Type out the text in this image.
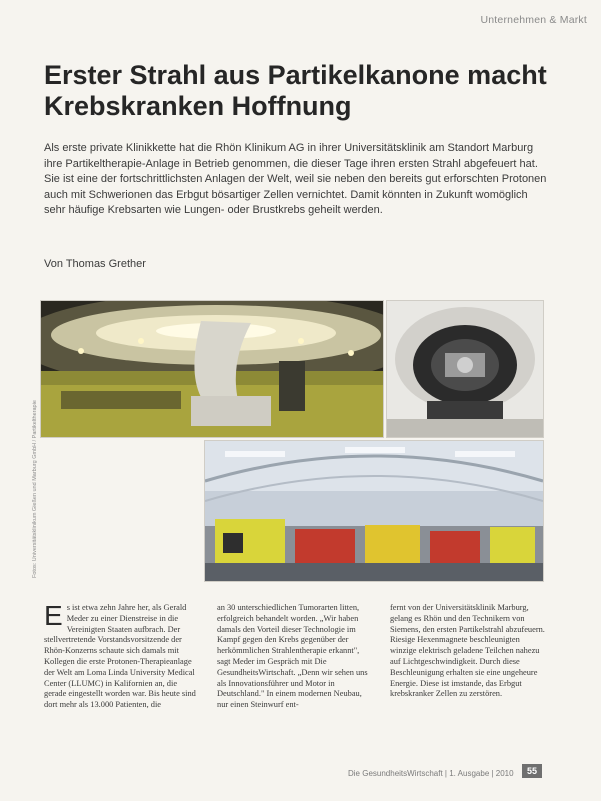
Unternehmen & Markt
Erster Strahl aus Partikelkanone macht Krebskranken Hoffnung

Als erste private Klinikkette hat die Rhön Klinikum AG in ihrer Universitätsklinik am Standort Marburg ihre Partikeltherapie-Anlage in Betrieb genommen, die dieser Tage ihren ersten Strahl abgefeuert hat. Sie ist eine der fortschrittlichsten Anlagen der Welt, weil sie neben den bereits gut erforschten Protonen auch mit Schwerionen das Erbgut bösartiger Zellen vernichtet. Damit könnten in Zukunft womöglich sehr häufige Krebsarten wie Lungen- oder Brustkrebs geheilt werden.

Von Thomas Grether
Fotos: Universitätsklinikum Gießen und Marburg GmbH / Partikeltherapie
Es ist etwa zehn Jahre her, als Gerald Meder zu einer Dienstreise in die Vereinigten Staaten aufbrach. Der stellvertretende Vorstandsvorsitzende der Rhön-Konzerns schaute sich damals mit Kollegen die erste Protonen-Therapieanlage der Welt am Loma Linda University Medical Center (LLUMC) in Kalifornien an, die gerade eingestellt worden war. Bis heute sind dort mehr als 13.000 Patienten, die
an 30 unterschiedlichen Tumorarten litten, erfolgreich behandelt worden. „Wir haben damals den Vorteil dieser Technologie im Kampf gegen den Krebs gegenüber der herkömmlichen Strahlentherapie erkannt", sagt Meder im Gespräch mit Die GesundheitsWirtschaft. „Denn wir sehen uns als Innovationsführer und Motor in Deutschland." In einem modernen Neubau, nur einen Steinwurf ent-
fernt von der Universitätsklinik Marburg, gelang es Rhön und den Technikern von Siemens, den ersten Partikelstrahl abzufeuern. Riesige Hexenmagnete beschleunigten winzige elektrisch geladene Teilchen nahezu auf Lichtgeschwindigkeit. Durch diese Beschleunigung erhalten sie eine ungeheure Energie. Diese ist imstande, das Erbgut krebskranker Zellen zu zerstören.
Die GesundheitsWirtschaft | 1. Ausgabe | 2010	55
